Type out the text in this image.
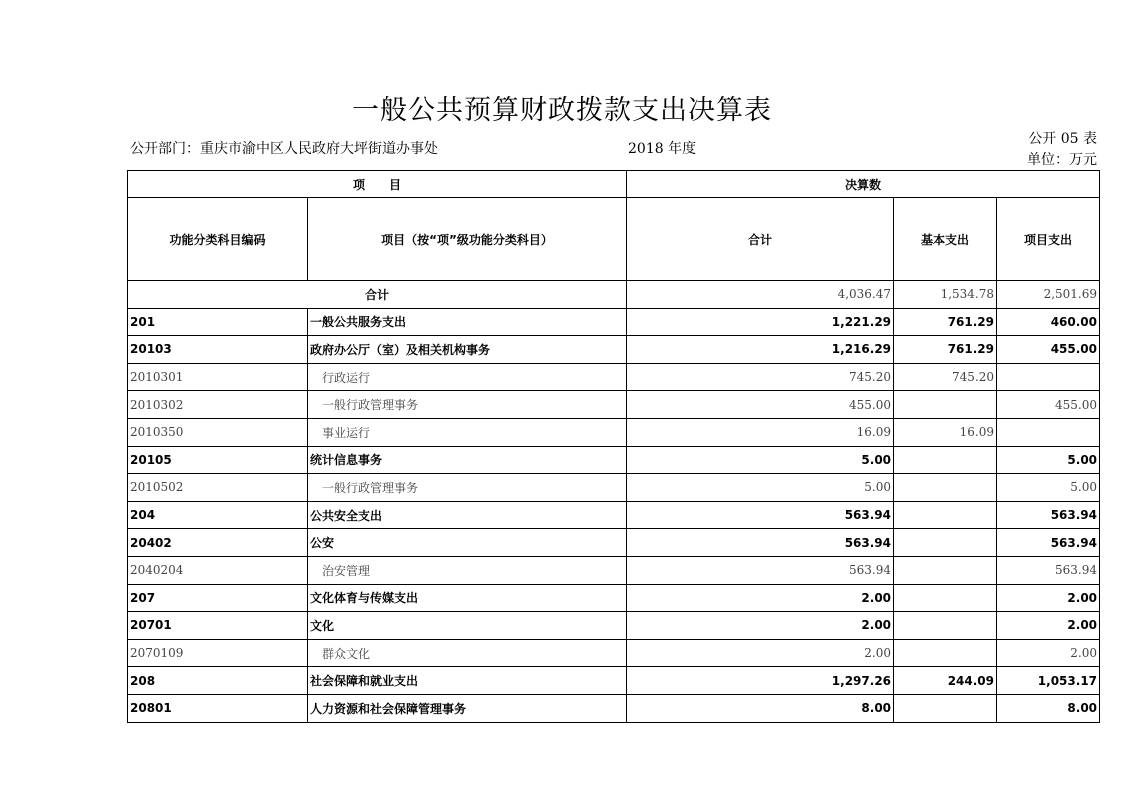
一般公共预算财政拨款支出决算表
公开部门：重庆市渝中区人民政府大坪街道办事处	2018 年度
公开 05 表
单位：万元
项　　目		决算数		
功能分类科目编码	项目（按“项”级功能分类科目）	合计	基本支出	项目支出
合计		4,036.47	1,534.78	2,501.69
201	一般公共服务支出	1,221.29	761.29	460.00
20103	政府办公厅（室）及相关机构事务	1,216.29	761.29	455.00
2010301	行政运行	745.20	745.20	
2010302	一般行政管理事务	455.00		455.00
2010350	事业运行	16.09	16.09	
20105	统计信息事务	5.00		5.00
2010502	一般行政管理事务	5.00		5.00
204	公共安全支出	563.94		563.94
20402	公安	563.94		563.94
2040204	治安管理	563.94		563.94
207	文化体育与传媒支出	2.00		2.00
20701	文化	2.00		2.00
2070109	群众文化	2.00		2.00
208	社会保障和就业支出	1,297.26	244.09	1,053.17
20801	人力资源和社会保障管理事务	8.00		8.00
